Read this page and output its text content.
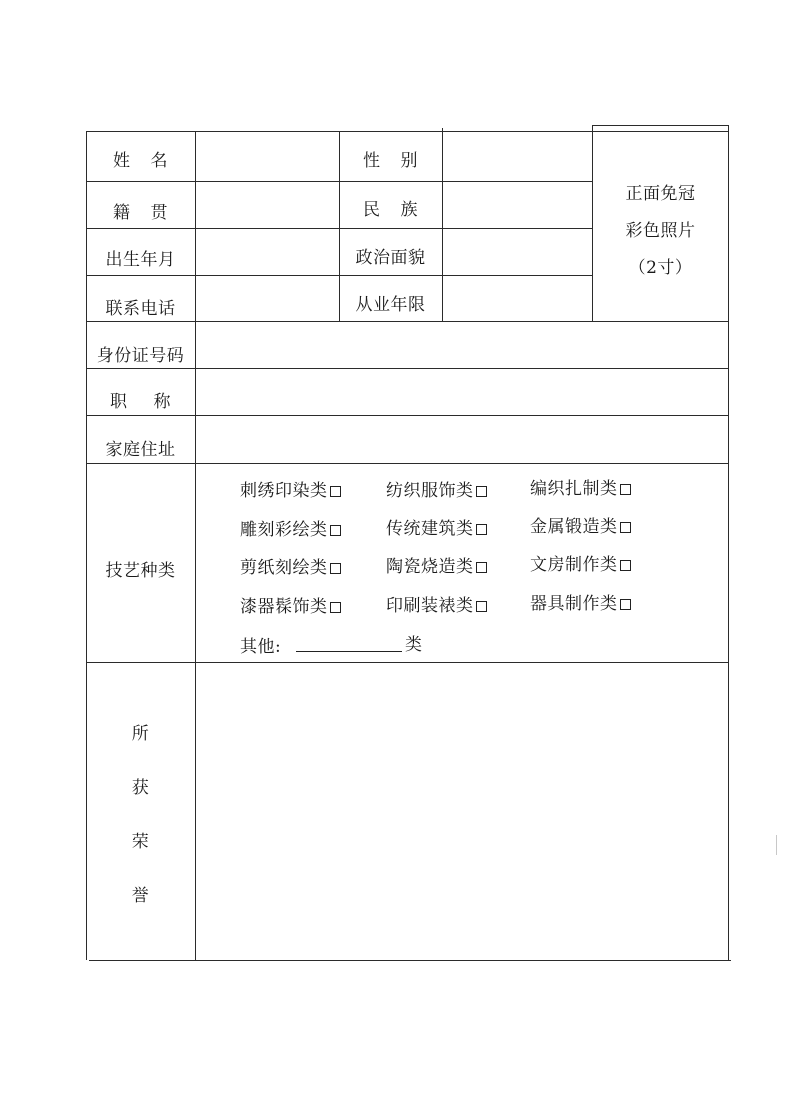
姓 名	性 别
籍 贯	民 族
出生年月	政治面貌
联系电话	从业年限
正面免冠
彩色照片
（2寸）
身份证号码
职 称
家庭住址
技艺种类
刺绣印染类	纺织服饰类	编织扎制类
雕刻彩绘类	传统建筑类	金属锻造类
剪纸刻绘类	陶瓷烧造类	文房制作类
漆器髹饰类	印刷装裱类	器具制作类
其他:	类
所
获
荣
誉
